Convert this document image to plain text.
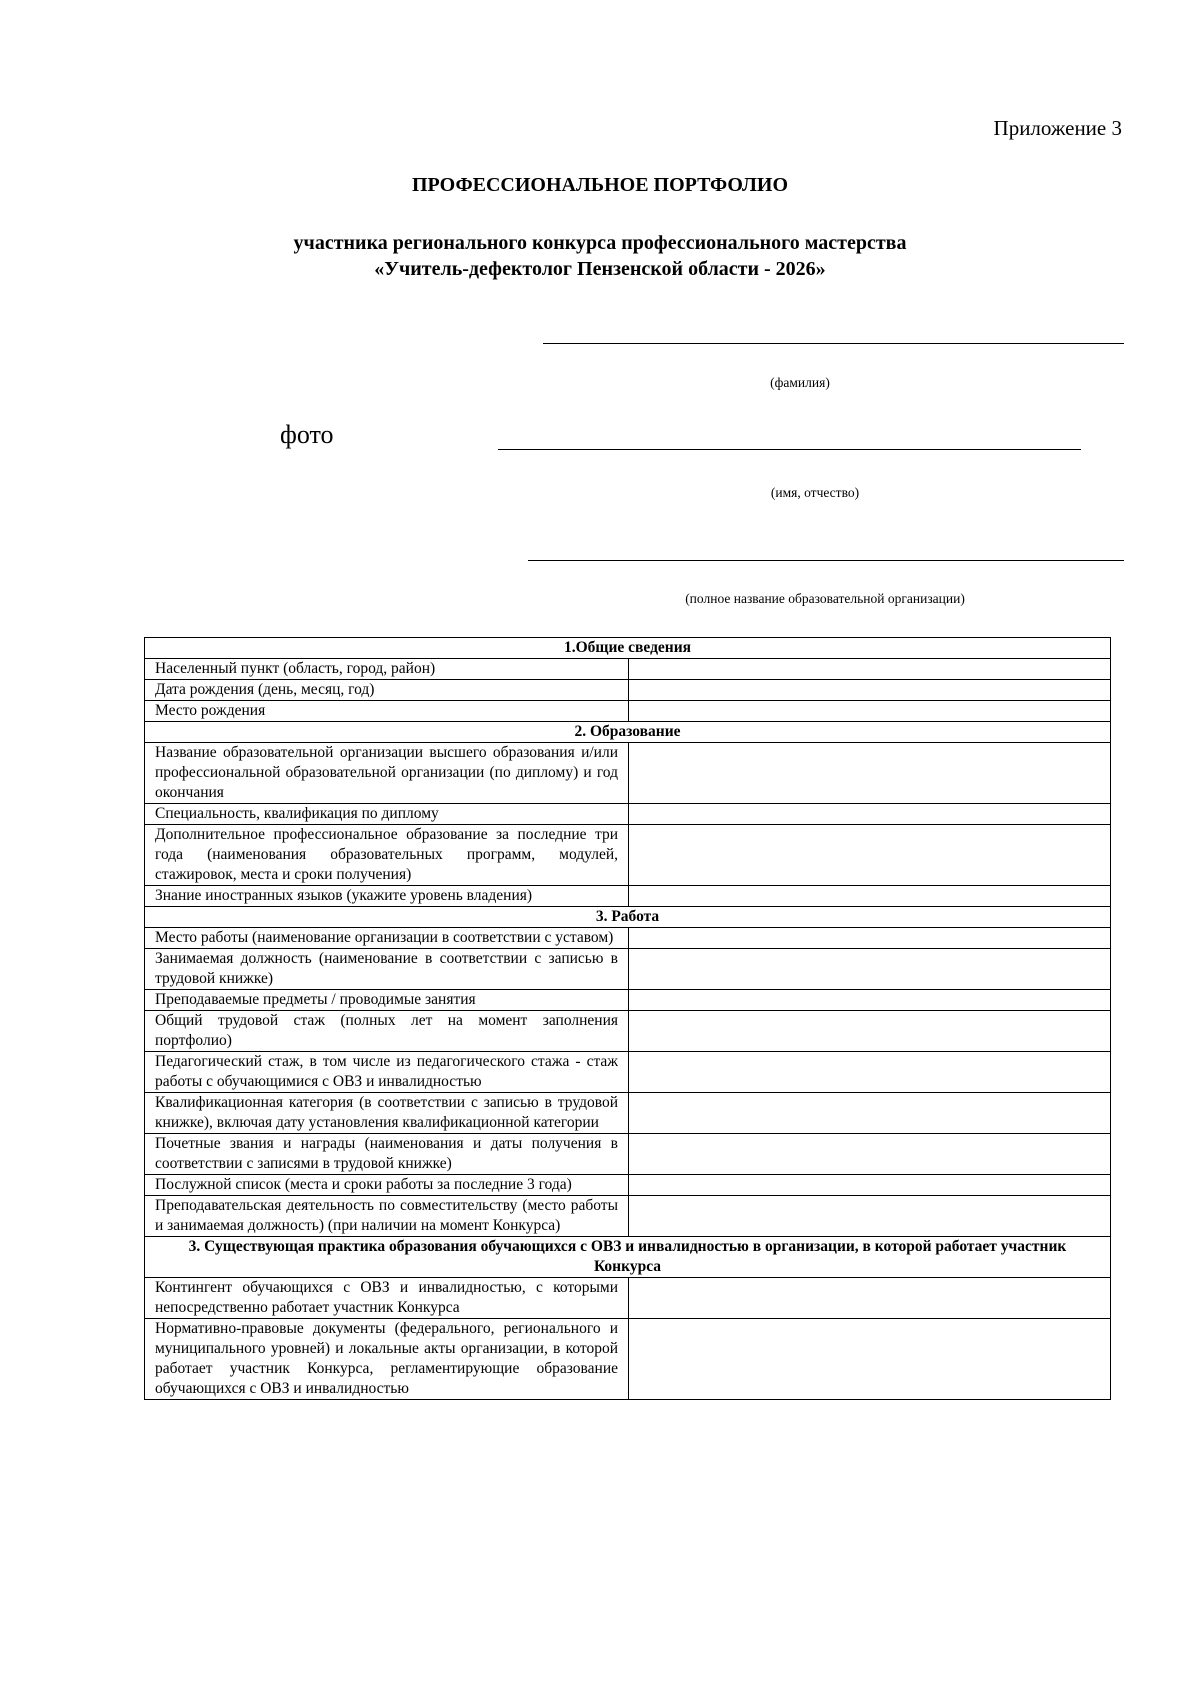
Приложение 3
ПРОФЕССИОНАЛЬНОЕ ПОРТФОЛИО
участника регионального конкурса профессионального мастерства
«Учитель-дефектолог Пензенской области - 2026»
(фамилия)
фото
(имя, отчество)
(полное название образовательной организации)
1.Общие сведения	
Населенный пункт (область, город, район)	
Дата рождения (день, месяц, год)	
Место рождения	
2. Образование	
Название образовательной организации высшего образования и/или профессиональной образовательной организации (по диплому) и год окончания	
Специальность, квалификация по диплому	
Дополнительное профессиональное образование за последние три года (наименования образовательных программ, модулей, стажировок, места и сроки получения)	
Знание иностранных языков (укажите уровень владения)	
3. Работа	
Место работы (наименование организации в соответствии с уставом)	
Занимаемая должность (наименование в соответствии с записью в трудовой книжке)	
Преподаваемые предметы / проводимые занятия	
Общий трудовой стаж (полных лет на момент заполнения портфолио)	
Педагогический стаж, в том числе из педагогического стажа - стаж работы с обучающимися с ОВЗ и инвалидностью	
Квалификационная категория (в соответствии с записью в трудовой книжке), включая дату установления квалификационной категории	
Почетные звания и награды (наименования и даты получения в соответствии с записями в трудовой книжке)	
Послужной список (места и сроки работы за последние 3 года)	
Преподавательская деятельность по совместительству (место работы и занимаемая должность) (при наличии на момент Конкурса)	
3. Существующая практика образования обучающихся с ОВЗ и инвалидностью в организации, в которой работает участник Конкурса	
Контингент обучающихся с ОВЗ и инвалидностью, с которыми непосредственно работает участник Конкурса	
Нормативно-правовые документы (федерального, регионального и муниципального уровней) и локальные акты организации, в которой работает участник Конкурса, регламентирующие образование обучающихся с ОВЗ и инвалидностью	
